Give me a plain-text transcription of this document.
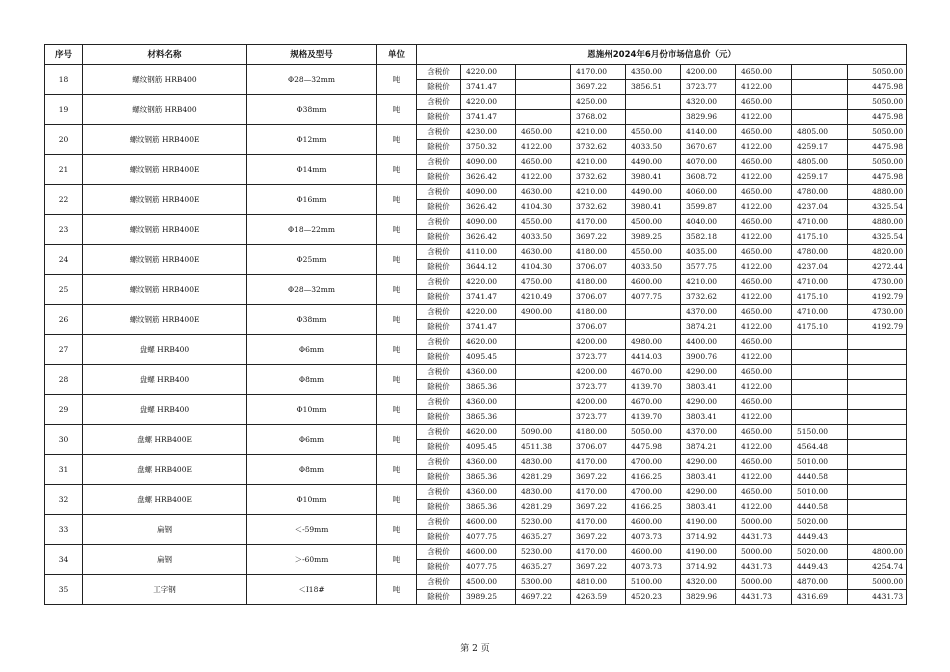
序号	材料名称	规格及型号	单位	恩施州2024年6月份市场信息价（元）								
18	螺纹钢筋 HRB400	Φ28—32mm	吨	含税价	4220.00		4170.00	4350.00	4200.00	4650.00		5050.00
				除税价	3741.47		3697.22	3856.51	3723.77	4122.00		4475.98
19	螺纹钢筋 HRB400	Φ38mm	吨	含税价	4220.00		4250.00		4320.00	4650.00		5050.00
				除税价	3741.47		3768.02		3829.96	4122.00		4475.98
20	螺纹钢筋 HRB400E	Φ12mm	吨	含税价	4230.00	4650.00	4210.00	4550.00	4140.00	4650.00	4805.00	5050.00
				除税价	3750.32	4122.00	3732.62	4033.50	3670.67	4122.00	4259.17	4475.98
21	螺纹钢筋 HRB400E	Φ14mm	吨	含税价	4090.00	4650.00	4210.00	4490.00	4070.00	4650.00	4805.00	5050.00
				除税价	3626.42	4122.00	3732.62	3980.41	3608.72	4122.00	4259.17	4475.98
22	螺纹钢筋 HRB400E	Φ16mm	吨	含税价	4090.00	4630.00	4210.00	4490.00	4060.00	4650.00	4780.00	4880.00
				除税价	3626.42	4104.30	3732.62	3980.41	3599.87	4122.00	4237.04	4325.54
23	螺纹钢筋 HRB400E	Φ18—22mm	吨	含税价	4090.00	4550.00	4170.00	4500.00	4040.00	4650.00	4710.00	4880.00
				除税价	3626.42	4033.50	3697.22	3989.25	3582.18	4122.00	4175.10	4325.54
24	螺纹钢筋 HRB400E	Φ25mm	吨	含税价	4110.00	4630.00	4180.00	4550.00	4035.00	4650.00	4780.00	4820.00
				除税价	3644.12	4104.30	3706.07	4033.50	3577.75	4122.00	4237.04	4272.44
25	螺纹钢筋 HRB400E	Φ28—32mm	吨	含税价	4220.00	4750.00	4180.00	4600.00	4210.00	4650.00	4710.00	4730.00
				除税价	3741.47	4210.49	3706.07	4077.75	3732.62	4122.00	4175.10	4192.79
26	螺纹钢筋 HRB400E	Φ38mm	吨	含税价	4220.00	4900.00	4180.00		4370.00	4650.00	4710.00	4730.00
				除税价	3741.47		3706.07		3874.21	4122.00	4175.10	4192.79
27	盘螺 HRB400	Φ6mm	吨	含税价	4620.00		4200.00	4980.00	4400.00	4650.00		
				除税价	4095.45		3723.77	4414.03	3900.76	4122.00		
28	盘螺 HRB400	Φ8mm	吨	含税价	4360.00		4200.00	4670.00	4290.00	4650.00		
				除税价	3865.36		3723.77	4139.70	3803.41	4122.00		
29	盘螺 HRB400	Φ10mm	吨	含税价	4360.00		4200.00	4670.00	4290.00	4650.00		
				除税价	3865.36		3723.77	4139.70	3803.41	4122.00		
30	盘螺 HRB400E	Φ6mm	吨	含税价	4620.00	5090.00	4180.00	5050.00	4370.00	4650.00	5150.00	
				除税价	4095.45	4511.38	3706.07	4475.98	3874.21	4122.00	4564.48	
31	盘螺 HRB400E	Φ8mm	吨	含税价	4360.00	4830.00	4170.00	4700.00	4290.00	4650.00	5010.00	
				除税价	3865.36	4281.29	3697.22	4166.25	3803.41	4122.00	4440.58	
32	盘螺 HRB400E	Φ10mm	吨	含税价	4360.00	4830.00	4170.00	4700.00	4290.00	4650.00	5010.00	
				除税价	3865.36	4281.29	3697.22	4166.25	3803.41	4122.00	4440.58	
33	扁钢	＜-59mm	吨	含税价	4600.00	5230.00	4170.00	4600.00	4190.00	5000.00	5020.00	
				除税价	4077.75	4635.27	3697.22	4073.73	3714.92	4431.73	4449.43	
34	扁钢	＞-60mm	吨	含税价	4600.00	5230.00	4170.00	4600.00	4190.00	5000.00	5020.00	4800.00
				除税价	4077.75	4635.27	3697.22	4073.73	3714.92	4431.73	4449.43	4254.74
35	工字钢	＜Ⅰ18#	吨	含税价	4500.00	5300.00	4810.00	5100.00	4320.00	5000.00	4870.00	5000.00
				除税价	3989.25	4697.22	4263.59	4520.23	3829.96	4431.73	4316.69	4431.73
第 2 页
